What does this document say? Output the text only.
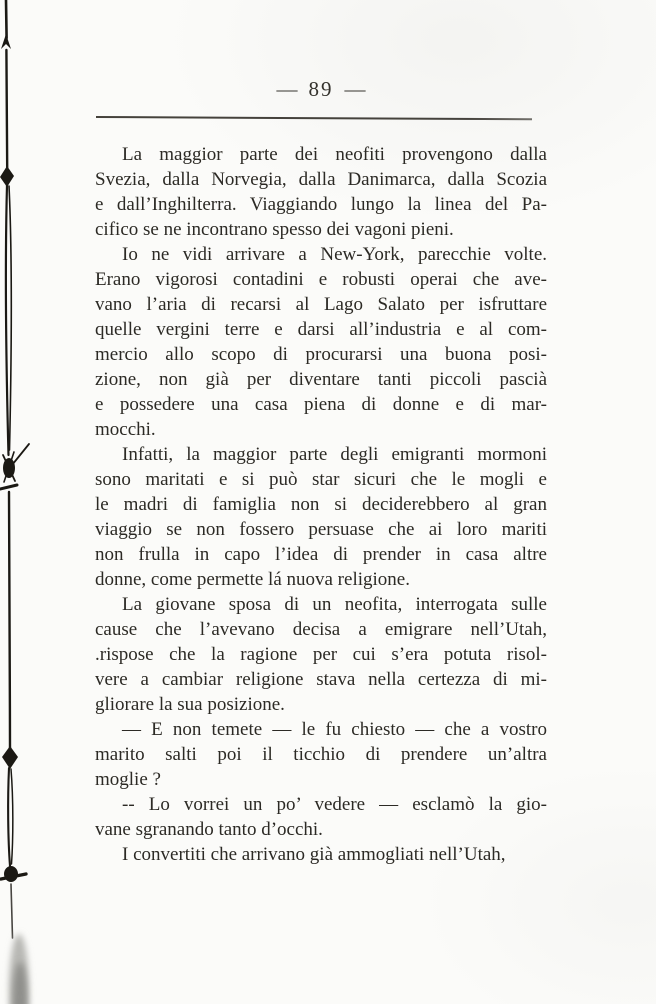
— 89 —
La maggior parte dei neofiti provengono dalla
Svezia, dalla Norvegia, dalla Danimarca, dalla Scozia
e dall’Inghilterra. Viaggiando lungo la linea del Pa-
cifico se ne incontrano spesso dei vagoni pieni.
Io ne vidi arrivare a New-York, parecchie volte.
Erano vigorosi contadini e robusti operai che ave-
vano l’aria di recarsi al Lago Salato per isfruttare
quelle vergini terre e darsi all’industria e al com-
mercio allo scopo di procurarsi una buona posi-
zione, non già per diventare tanti piccoli pascià
e possedere una casa piena di donne e di mar-
mocchi.
Infatti, la maggior parte degli emigranti mormoni
sono maritati e si può star sicuri che le mogli e
le madri di famiglia non si deciderebbero al gran
viaggio se non fossero persuase che ai loro mariti
non frulla in capo l’idea di prender in casa altre
donne, come permette lá nuova religione.
La giovane sposa di un neofita, interrogata sulle
cause che l’avevano decisa a emigrare nell’Utah,
.rispose che la ragione per cui s’era potuta risol-
vere a cambiar religione stava nella certezza di mi-
gliorare la sua posizione.
— E non temete — le fu chiesto — che a vostro
marito salti poi il ticchio di prendere un’altra
moglie ?
-- Lo vorrei un po’ vedere — esclamò la gio-
vane sgranando tanto d’occhi.
I convertiti che arrivano già ammogliati nell’Utah,
